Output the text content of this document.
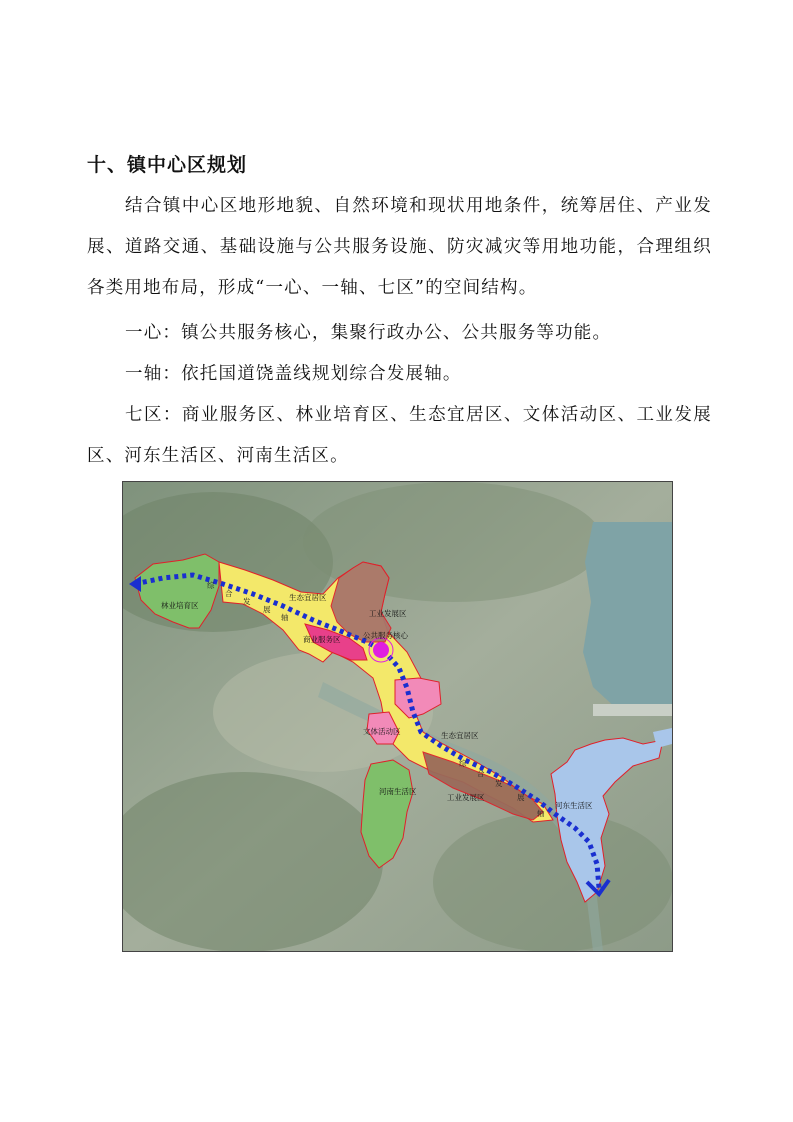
十、镇中心区规划
结合镇中心区地形地貌、自然环境和现状用地条件，统筹居住、产业发展、道路交通、基础设施与公共服务设施、防灾减灾等用地功能，合理组织各类用地布局，形成“一心、一轴、七区”的空间结构。
一心：镇公共服务核心，集聚行政办公、公共服务等功能。
一轴：依托国道饶盖线规划综合发展轴。
七区：商业服务区、林业培育区、生态宜居区、文体活动区、工业发展区、河东生活区、河南生活区。
林业培育区
生态宜居区
工业发展区
商业服务区	公共服务核心
文体活动区	生态宜居区
河南生活区
工业发展区
河东生活区
综
合
发
展
轴
综
合
发
展
轴
